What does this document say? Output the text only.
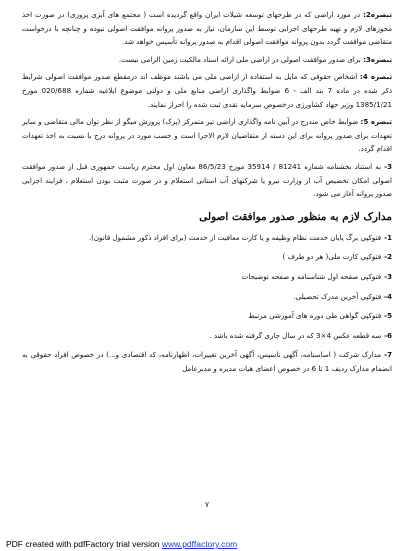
تبصره2: در مورد اراضی که در طرحهای توسعه شیلات ایران واقع گردیده است ( مجتمع های آبزی پروری) در صورت اخذ مجوزهای لازم و تهیه طرحهای اجرایی توسط این سازمان، نیاز به صدور پروانه موافقت اصولی نبوده و چنانچه با درخواست متقاضی موافقت گردد بدون پروانه موافقت اصولی اقدام به صدور پروانه تأسیس خواهد شد.

تبصره3: برای صدور موافقت اصولی در اراضی ملی ارائه اسناد مالکیت زمین الزامی نیست.

تبصره 4: اشخاص حقوقی که مایل به استفاده از اراضی ملی می باشند موظف اند درمقطع صدور موافقت اصولی شرایط ذکر شده در ماده 7 بند الف - 6 ضوابط واگذاری اراضی منابع ملی و دولتی موضوع ابلاغیه شماره 020/688 مورخ 1385/1/21 وزیر جهاد کشاورزی درخصوص سرمایه نقدی ثبت شده را احراز نمایند.

تبصره 5: ضوابط خاص مندرج در آیین نامه واگذاری اراضی تیر متمرکز (پرک) پرورش میگو از نظر توان مالی متقاضی و سایر تعهدات برای صدور پروانه برای این دسته از متقاضیان لازم الاجرا است و حسب مورد در پروانه درج یا نسبت به اخذ تعهدات اقدام گردد.

3- به استناد بخشنامه شماره 81241 / 35914 مورخ 86/5/23 معاون اول محترم ریاست جمهوری قبل از صدور موافقت اصولی امکان تخصیص آب از وزارت نیرو یا شرکتهای آب استانی استعلام و در صورت مثبت بودن استعلام ، فرایند اجرایی صدور پروانه آغاز می شود.

مدارک لازم به منظور صدور موافقت اصولی
1-فتوکپی برگ پایان خدمت نظام وظیفه و یا کارت معافیت از خدمت (برای افراد ذکور مشمول قانون).
2-فتوکپی کارت ملی( هر دو طرف )
3-فتوکپی صفحه اول شناسنامه و صفحه توضیحات
4-فتوکپی آخرین مدرک تحصیلی.
5-فتوکپی گواهی طی دوره های آموزشی مرتبط
6-سه قطعه عکس 4×3 که در سال جاری گرفته شده باشد .
7-مدارک شرکت ( اساسنامه، آگهی تاسیس، آگهی آخرین تغییرات، اظهارنامه، کد اقتصادی و...) در خصوص افراد حقوقی به انضمام مدارک ردیف 1 تا 6 در خصوص اعضای هیات مدیره و مدیرعامل
۷
PDF created with pdfFactory trial version www.pdffactory.com
